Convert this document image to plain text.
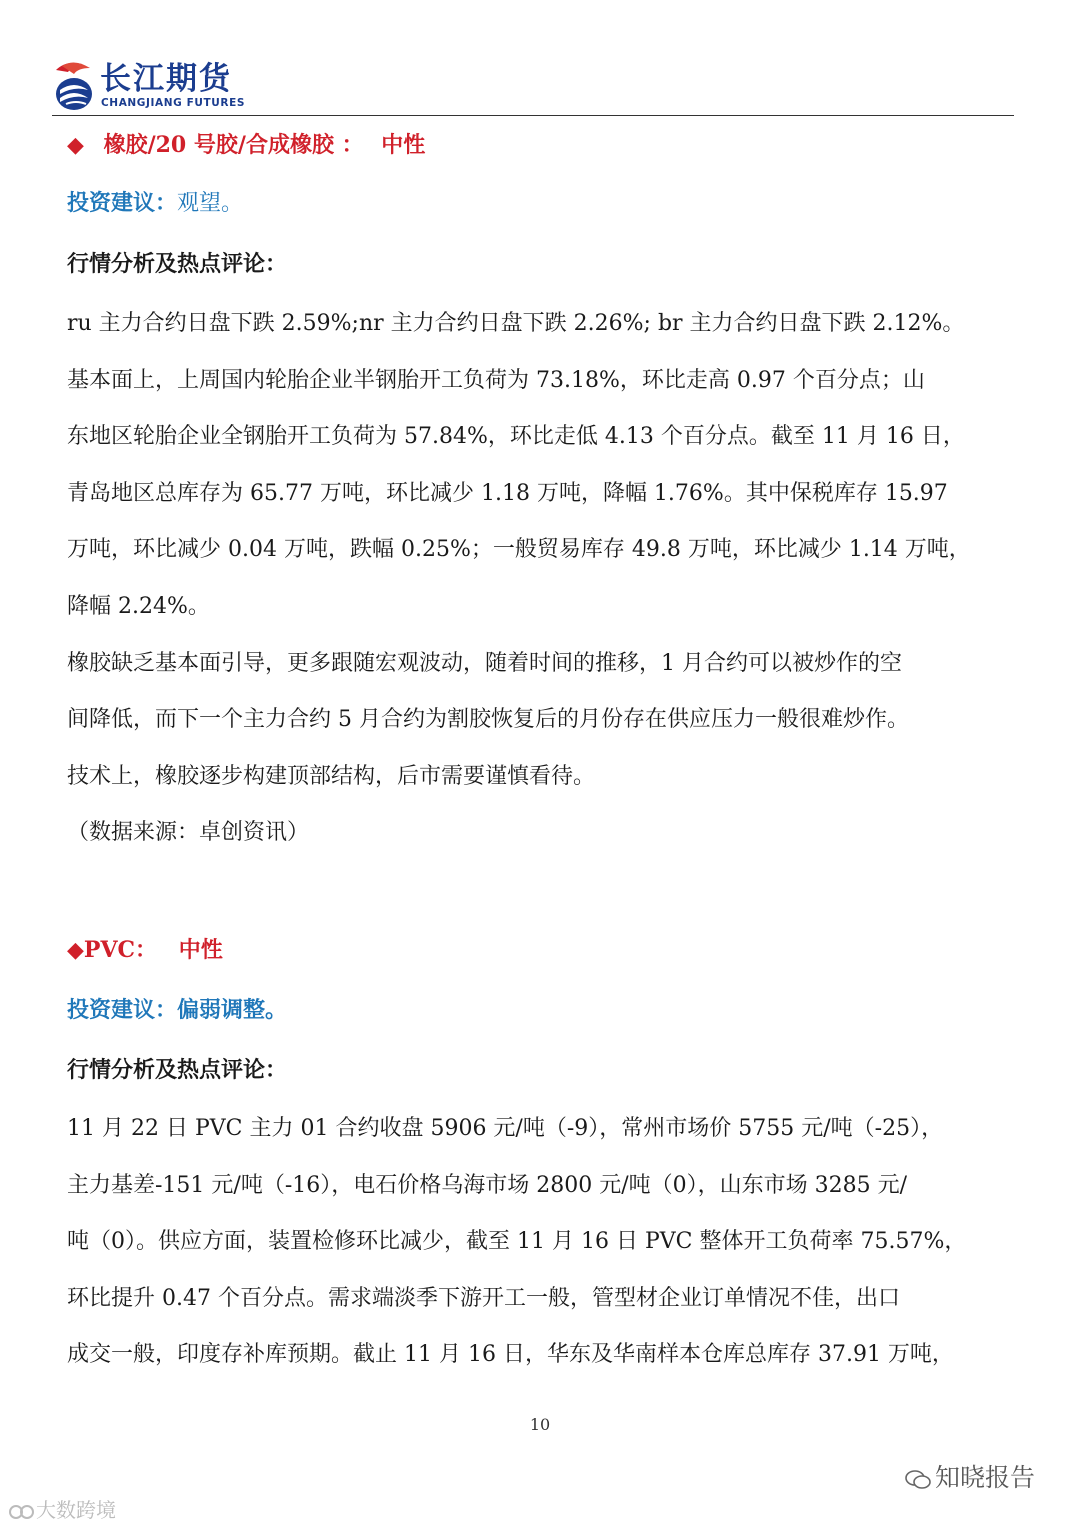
长江期货
CHANGJIANG FUTURES

◆ 橡胶/20 号胶/合成橡胶 ： 中性

投资建议：观望。

行情分析及热点评论：

ru 主力合约日盘下跌 2.59%;nr 主力合约日盘下跌 2.26%; br 主力合约日盘下跌 2.12%。

基本面上，上周国内轮胎企业半钢胎开工负荷为 73.18%，环比走高 0.97 个百分点；山

东地区轮胎企业全钢胎开工负荷为 57.84%，环比走低 4.13 个百分点。截至 11 月 16 日，

青岛地区总库存为 65.77 万吨，环比减少 1.18 万吨，降幅 1.76%。其中保税库存 15.97

万吨，环比减少 0.04 万吨，跌幅 0.25%；一般贸易库存 49.8 万吨，环比减少 1.14 万吨，

降幅 2.24%。

橡胶缺乏基本面引导，更多跟随宏观波动，随着时间的推移，1 月合约可以被炒作的空

间降低，而下一个主力合约 5 月合约为割胶恢复后的月份存在供应压力一般很难炒作。

技术上，橡胶逐步构建顶部结构，后市需要谨慎看待。

（数据来源：卓创资讯）

◆PVC： 中性

投资建议：偏弱调整。

行情分析及热点评论：

11 月 22 日 PVC 主力 01 合约收盘 5906 元/吨（-9），常州市场价 5755 元/吨（-25），

主力基差-151 元/吨（-16），电石价格乌海市场 2800 元/吨（0），山东市场 3285 元/

吨（0）。供应方面，装置检修环比减少，截至 11 月 16 日 PVC 整体开工负荷率 75.57%，

环比提升 0.47 个百分点。需求端淡季下游开工一般，管型材企业订单情况不佳，出口

成交一般，印度存补库预期。截止 11 月 16 日，华东及华南样本仓库总库存 37.91 万吨，

10
知晓报告
大数跨境
